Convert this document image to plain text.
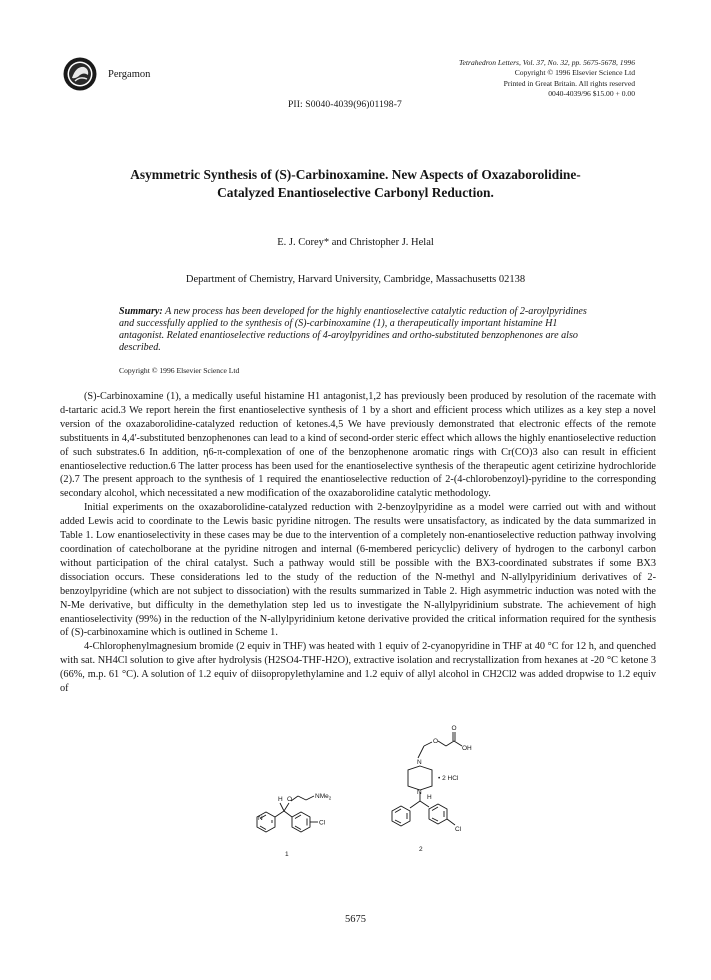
Pergamon
Tetrahedron Letters, Vol. 37, No. 32, pp. 5675-5678, 1996
Copyright © 1996 Elsevier Science Ltd
Printed in Great Britain. All rights reserved
0040-4039/96 $15.00 + 0.00
PII: S0040-4039(96)01198-7
Asymmetric Synthesis of (S)-Carbinoxamine. New Aspects of Oxazaborolidine-
Catalyzed Enantioselective Carbonyl Reduction.
E. J. Corey* and Christopher J. Helal
Department of Chemistry, Harvard University, Cambridge, Massachusetts 02138
Summary: A new process has been developed for the highly enantioselective catalytic reduction of 2-aroylpyridines and successfully applied to the synthesis of (S)-carbinoxamine (1), a therapeutically important histamine H1 antagonist. Related enantioselective reductions of 4-aroylpyridines and ortho-substituted benzophenones are also described.
Copyright © 1996 Elsevier Science Ltd

(S)-Carbinoxamine (1), a medically useful histamine H1 antagonist,1,2 has previously been produced by resolution of the racemate with d-tartaric acid.3 We report herein the first enantioselective synthesis of 1 by a short and efficient process which utilizes as a key step a novel version of the oxazaborolidine-catalyzed reduction of ketones.4,5 We have previously demonstrated that electronic effects of the remote substituents in 4,4'-substituted benzophenones can lead to a kind of second-order steric effect which allows the highly enantioselective reduction of such substrates.6 In addition, η6-π-complexation of one of the benzophenone aromatic rings with Cr(CO)3 also can result in efficient enantioselective reduction.6 The latter process has been used for the enantioselective synthesis of the therapeutic agent cetirizine hydrochloride (2).7 The present approach to the synthesis of 1 required the enantioselective reduction of 2-(4-chlorobenzoyl)-pyridine to the corresponding secondary alcohol, which necessitated a new modification of the oxazaborolidine catalytic methodology.

Initial experiments on the oxazaborolidine-catalyzed reduction with 2-benzoylpyridine as a model were carried out with and without added Lewis acid to coordinate to the Lewis basic pyridine nitrogen. The results were unsatisfactory, as indicated by the data summarized in Table 1. Low enantioselectivity in these cases may be due to the intervention of a completely non-enantioselective reduction pathway involving coordination of catecholborane at the pyridine nitrogen and internal (6-membered pericyclic) delivery of hydrogen to the carbonyl carbon without participation of the chiral catalyst. Such a pathway would still be possible with the BX3-coordinated substrates if some BX3 dissociation occurs. These considerations led to the study of the reduction of the N-methyl and N-allylpyridinium derivatives of 2-benzoylpyridine (which are not subject to dissociation) with the results summarized in Table 2. High asymmetric induction was noted with the N-Me derivative, but difficulty in the demethylation step led us to investigate the N-allylpyridinium substrate. The achievement of high enantioselectivity (99%) in the reduction of the N-allylpyridinium ketone derivative provided the critical information required for the synthesis of (S)-carbinoxamine which is outlined in Scheme 1.

4-Chlorophenylmagnesium bromide (2 equiv in THF) was heated with 1 equiv of 2-cyanopyridine in THF at 40 °C for 12 h, and quenched with sat. NH4Cl solution to give after hydrolysis (H2SO4-THF-H2O), extractive isolation and recrystallization from hexanes at -20 °C ketone 3 (66%, m.p. 61 °C). A solution of 1.2 equiv of diisopropylethylamine and 1.2 equiv of allyl alcohol in CH2Cl2 was added dropwise to 1.2 equiv of

H O
N
NMe$_2$
Cl
1
O
OH
O
N
N
H
• 2 HCl
Cl
2
5675
